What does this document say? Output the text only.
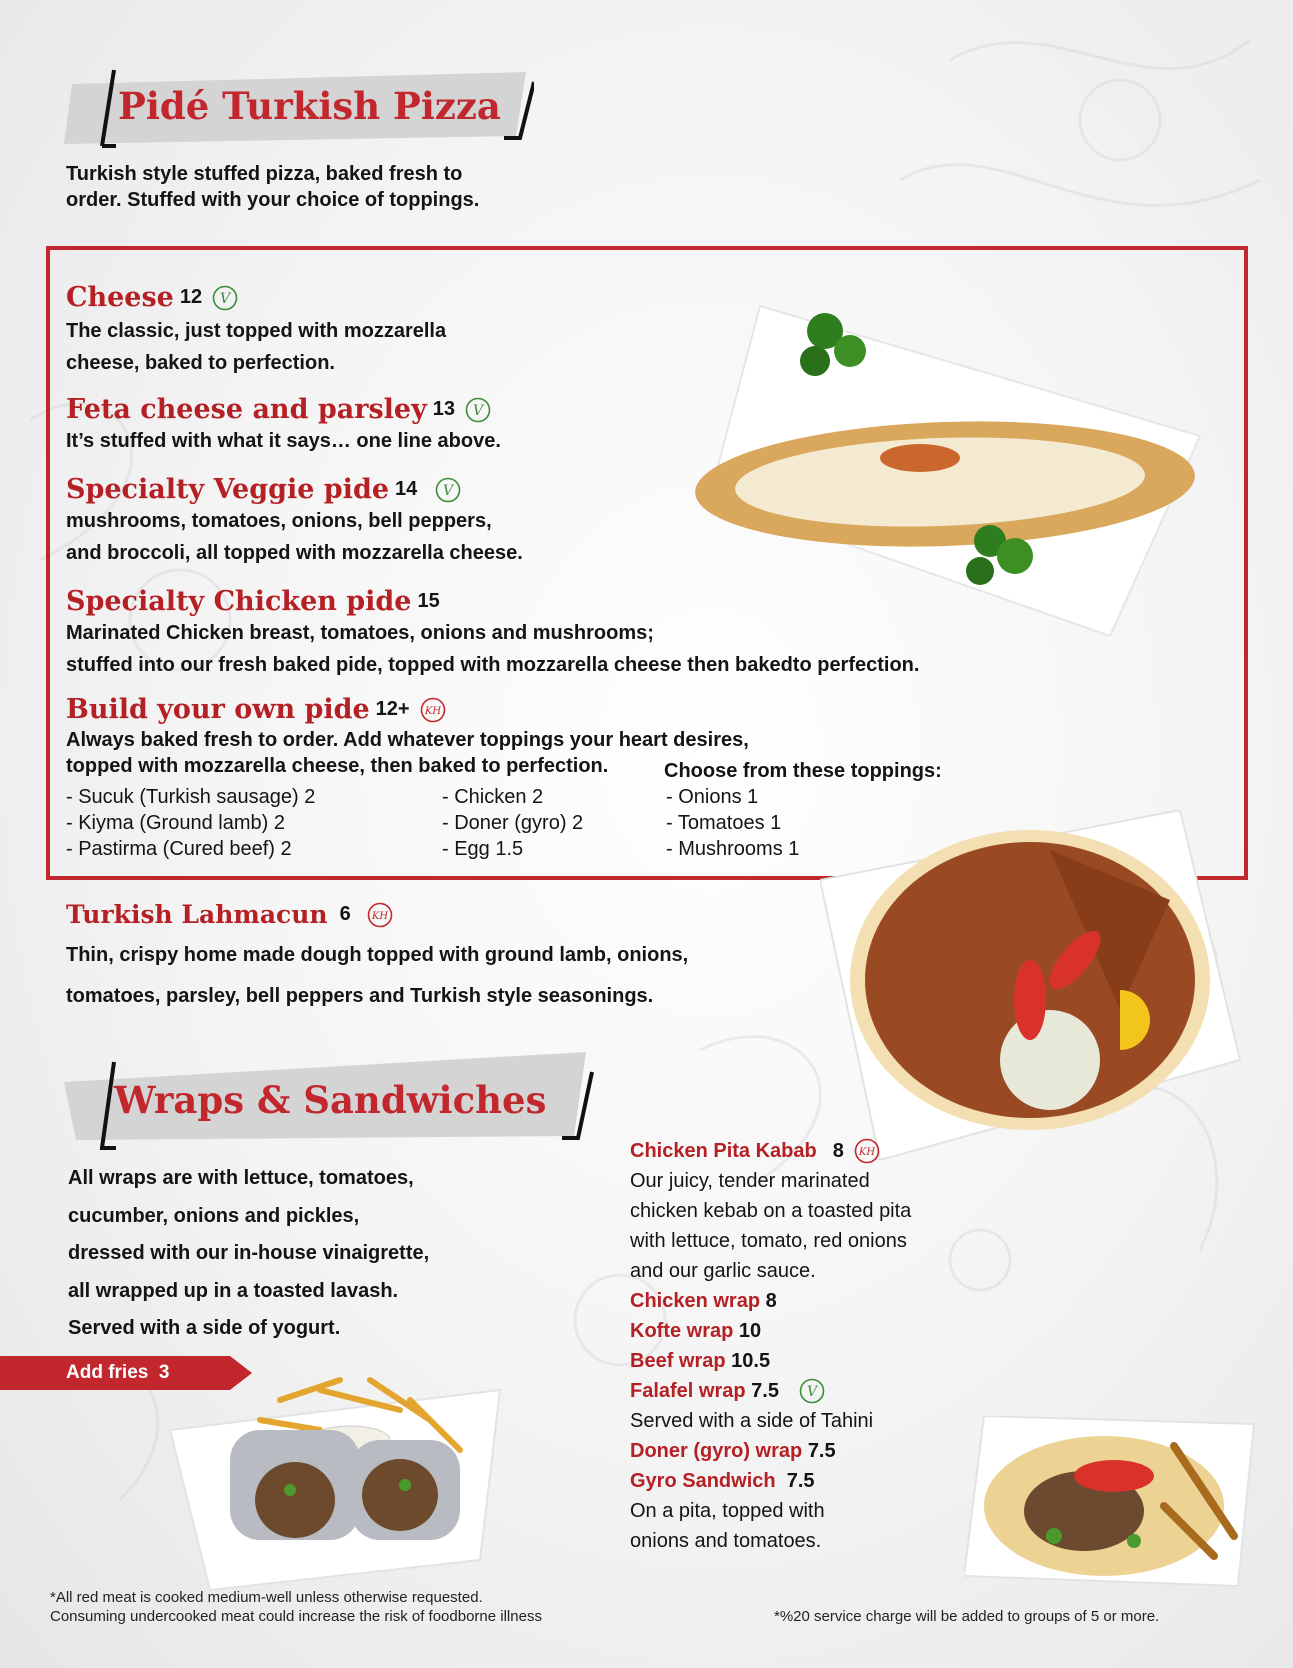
Pidé Turkish Pizza
Turkish style stuffed pizza, baked fresh to
order. Stuffed with your choice of toppings.
Cheese 12 V
The classic, just topped with mozzarella
cheese, baked to perfection.
Feta cheese and parsley 13 V
It’s stuffed with what it says… one line above.
Specialty Veggie pide 14 V
mushrooms, tomatoes, onions, bell peppers,
and broccoli, all topped with mozzarella cheese.
Specialty Chicken pide 15
Marinated Chicken breast, tomatoes, onions and mushrooms;
stuffed into our fresh baked pide, topped with mozzarella cheese then bakedto perfection.
Build your own pide 12+ KH
Always baked fresh to order. Add whatever toppings your heart desires,
topped with mozzarella cheese, then baked to perfection.	Choose from these toppings:
- Sucuk (Turkish sausage) 2
- Kiyma (Ground lamb) 2
- Pastirma (Cured beef) 2
- Chicken 2
- Doner (gyro) 2
- Egg 1.5
- Onions 1
- Tomatoes 1
- Mushrooms 1
Turkish Lahmacun 6 KH
Thin, crispy home made dough topped with ground lamb, onions,
tomatoes, parsley, bell peppers and Turkish style seasonings.
Wraps & Sandwiches
All wraps are with lettuce, tomatoes,
cucumber, onions and pickles,
dressed with our in-house vinaigrette,
all wrapped up in a toasted lavash.
Served with a side of yogurt.
Add fries  3
Chicken Pita Kabab 8 KH
Our juicy, tender marinated
chicken kebab on a toasted pita
with lettuce, tomato, red onions
and our garlic sauce.
Chicken wrap 8
Kofte wrap 10
Beef wrap 10.5
Falafel wrap
7.5 V
Served with a side of Tahini
Doner (gyro) wrap 7.5
Gyro Sandwich 7.5
On a pita, topped with
onions and tomatoes.
*All red meat is cooked medium-well unless otherwise requested.
Consuming undercooked meat could increase the risk of foodborne illness	*%20 service charge will be added to groups of 5 or more.
